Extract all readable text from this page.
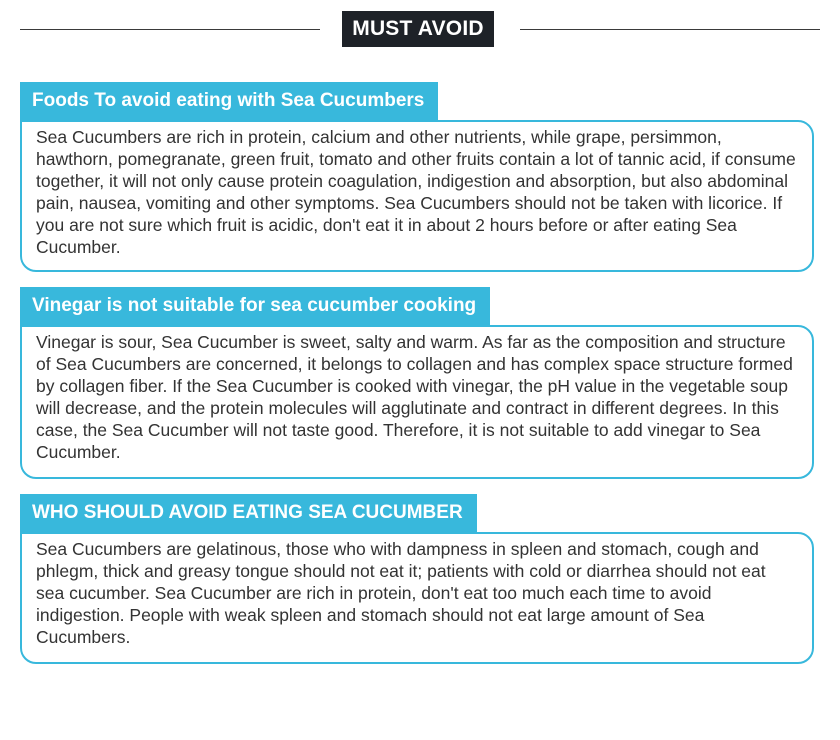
MUST AVOID
Foods To avoid eating with Sea Cucumbers
Sea Cucumbers are rich in protein, calcium and other nutrients, while grape, persimmon, hawthorn, pomegranate, green fruit, tomato and other fruits contain a lot of tannic acid, if consume together, it will not only cause protein coagulation, indigestion and absorption, but also abdominal pain, nausea, vomiting and other symptoms. Sea Cucumbers should not be taken with licorice. If you are not sure which fruit is acidic, don't eat it in about 2 hours before or after eating Sea Cucumber.
Vinegar is not suitable for sea cucumber cooking
Vinegar is sour, Sea Cucumber is sweet, salty and warm. As far as the composition and structure of Sea Cucumbers are concerned, it belongs to collagen and has complex space structure formed by collagen fiber. If the Sea Cucumber is cooked with vinegar, the pH value in the vegetable soup will decrease, and the protein molecules will agglutinate and contract in different degrees. In this case, the Sea Cucumber will not taste good. Therefore, it is not suitable to add vinegar to Sea Cucumber.
WHO SHOULD AVOID EATING SEA CUCUMBER
Sea Cucumbers are gelatinous, those who with dampness in spleen and stomach, cough and phlegm, thick and greasy tongue should not eat it; patients with cold or diarrhea should not eat sea cucumber. Sea Cucumber are rich in protein, don't eat too much each time to avoid indigestion. People with weak spleen and stomach should not eat large amount of Sea Cucumbers.
